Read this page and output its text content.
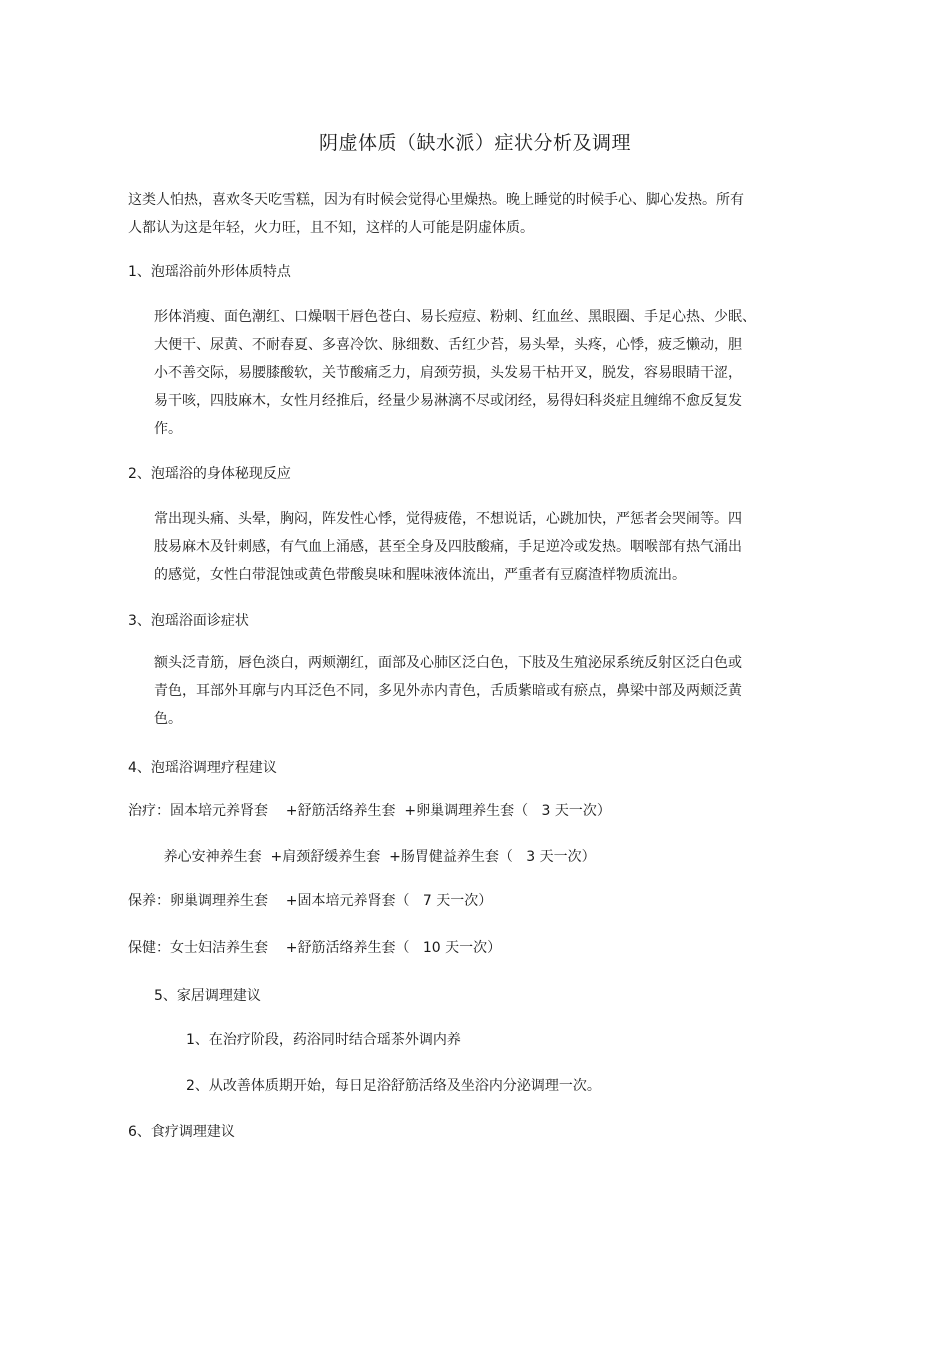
阴虚体质（缺水派）症状分析及调理
这类人怕热，喜欢冬天吃雪糕，因为有时候会觉得心里燥热。晚上睡觉的时候手心、脚心发热。所有
人都认为这是年轻，火力旺，且不知，这样的人可能是阴虚体质。
1、泡瑶浴前外形体质特点
形体消瘦、面色潮红、口燥咽干唇色苍白、易长痘痘、粉刺、红血丝、黑眼圈、手足心热、少眠、
大便干、尿黄、不耐春夏、多喜冷饮、脉细数、舌红少苔，易头晕，头疼，心悸，疲乏懒动，胆
小不善交际，易腰膝酸软，关节酸痛乏力，肩颈劳损，头发易干枯开叉，脱发，容易眼睛干涩，
易干咳，四肢麻木，女性月经推后，经量少易淋漓不尽或闭经，易得妇科炎症且缠绵不愈反复发
作。
2、泡瑶浴的身体秘现反应
常出现头痛、头晕，胸闷，阵发性心悸，觉得疲倦，不想说话，心跳加快，严惩者会哭闹等。四
肢易麻木及针刺感，有气血上涌感，甚至全身及四肢酸痛，手足逆冷或发热。咽喉部有热气涌出
的感觉，女性白带混蚀或黄色带酸臭味和腥味液体流出，严重者有豆腐渣样物质流出。
3、泡瑶浴面诊症状
额头泛青筋，唇色淡白，两颊潮红，面部及心肺区泛白色，下肢及生殖泌尿系统反射区泛白色或
青色，耳部外耳廓与内耳泛色不同，多见外赤内青色，舌质紫暗或有瘀点，鼻梁中部及两颊泛黄
色。
4、泡瑶浴调理疗程建议
治疗：固本培元养肾套    +舒筋活络养生套  +卵巢调理养生套（   3 天一次）
养心安神养生套  +肩颈舒缓养生套  +肠胃健益养生套（   3 天一次）
保养：卵巢调理养生套    +固本培元养肾套（   7 天一次）
保健：女士妇洁养生套    +舒筋活络养生套（   10 天一次）
5、家居调理建议
1、在治疗阶段，药浴同时结合瑶茶外调内养
2、从改善体质期开始，每日足浴舒筋活络及坐浴内分泌调理一次。
6、食疗调理建议
